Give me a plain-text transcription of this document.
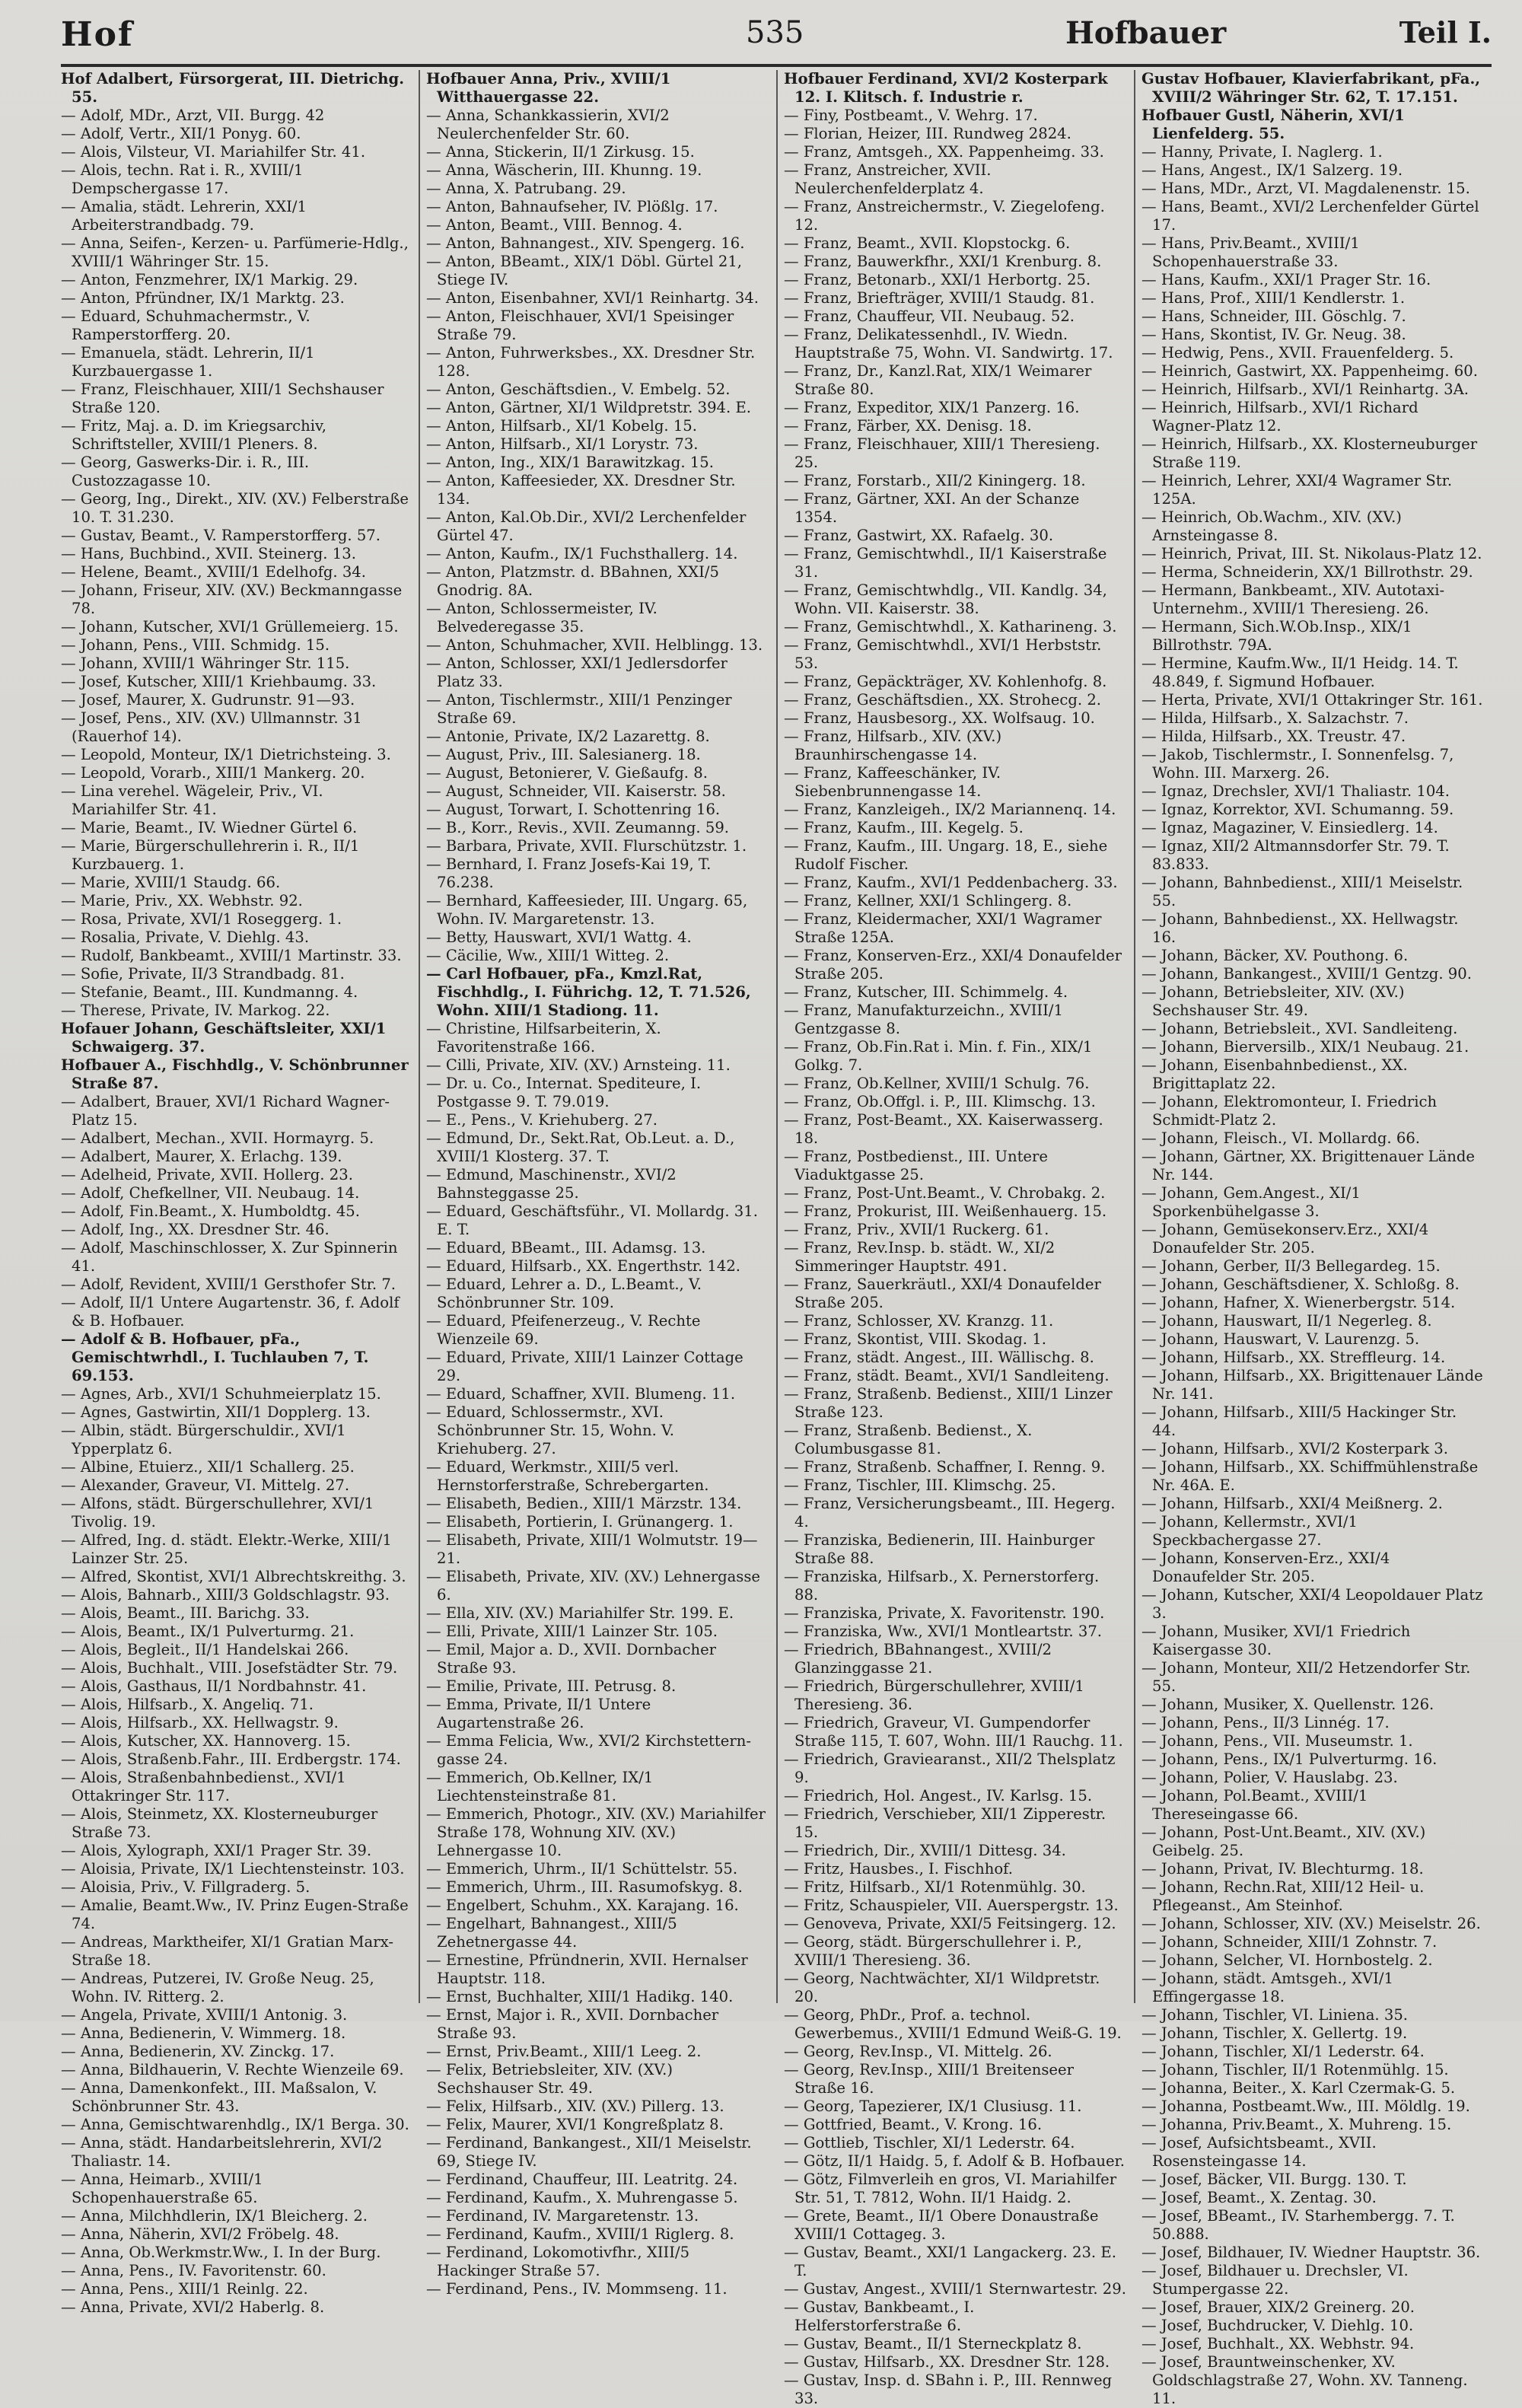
Hof	535	Hofbauer	Teil I.

Hof Adalbert, Fürsorgerat, III. Dietrichg. 55.

— Adolf, MDr., Arzt, VII. Burgg. 42

— Adolf, Vertr., XII/1 Ponyg. 60.

— Alois, Vilsteur, VI. Mariahilfer Str. 41.

— Alois, techn. Rat i. R., XVIII/1 Dempschergasse 17.

— Amalia, städt. Lehrerin, XXI/1 Arbeiterstrandbadg. 79.

— Anna, Seifen-, Kerzen- u. Parfümerie-Hdlg., XVIII/1 Währinger Str. 15.

— Anton, Fenzmehrer, IX/1 Markig. 29.

— Anton, Pfründner, IX/1 Marktg. 23.

— Eduard, Schuhmachermstr., V. Ramperstorfferg. 20.

— Emanuela, städt. Lehrerin, II/1 Kurzbauergasse 1.

— Franz, Fleischhauer, XIII/1 Sechshauser Straße 120.

— Fritz, Maj. a. D. im Kriegsarchiv, Schriftsteller, XVIII/1 Pleners. 8.

— Georg, Gaswerks-Dir. i. R., III. Custozzagasse 10.

— Georg, Ing., Direkt., XIV. (XV.) Felberstraße 10. T. 31.230.

— Gustav, Beamt., V. Ramperstorfferg. 57.

— Hans, Buchbind., XVII. Steinerg. 13.

— Helene, Beamt., XVIII/1 Edelhofg. 34.

— Johann, Friseur, XIV. (XV.) Beckmanngasse 78.

— Johann, Kutscher, XVI/1 Grüllemeierg. 15.

— Johann, Pens., VIII. Schmidg. 15.

— Johann, XVIII/1 Währinger Str. 115.

— Josef, Kutscher, XIII/1 Kriehbaumg. 33.

— Josef, Maurer, X. Gudrunstr. 91—93.

— Josef, Pens., XIV. (XV.) Ullmannstr. 31 (Rauerhof 14).

— Leopold, Monteur, IX/1 Dietrichsteing. 3.

— Leopold, Vorarb., XIII/1 Mankerg. 20.

— Lina verehel. Wägeleir, Priv., VI. Mariahilfer Str. 41.

— Marie, Beamt., IV. Wiedner Gürtel 6.

— Marie, Bürgerschullehrerin i. R., II/1 Kurzbauerg. 1.

— Marie, XVIII/1 Staudg. 66.

— Marie, Priv., XX. Webhstr. 92.

— Rosa, Private, XVI/1 Roseggerg. 1.

— Rosalia, Private, V. Diehlg. 43.

— Rudolf, Bankbeamt., XVIII/1 Martinstr. 33.

— Sofie, Private, II/3 Strandbadg. 81.

— Stefanie, Beamt., III. Kundmanng. 4.

— Therese, Private, IV. Markog. 22.

Hofauer Johann, Geschäftsleiter, XXI/1 Schwaigerg. 37.

Hofbauer A., Fischhdlg., V. Schönbrunner Straße 87.

— Adalbert, Brauer, XVI/1 Richard Wagner-Platz 15.

— Adalbert, Mechan., XVII. Hormayrg. 5.

— Adalbert, Maurer, X. Erlachg. 139.

— Adelheid, Private, XVII. Hollerg. 23.

— Adolf, Chefkellner, VII. Neubaug. 14.

— Adolf, Fin.Beamt., X. Humboldtg. 45.

— Adolf, Ing., XX. Dresdner Str. 46.

— Adolf, Maschinschlosser, X. Zur Spinnerin 41.

— Adolf, Revident, XVIII/1 Gersthofer Str. 7.

— Adolf, II/1 Untere Augartenstr. 36, f. Adolf & B. Hofbauer.

— Adolf & B. Hofbauer, pFa., Gemischtwrhdl., I. Tuchlauben 7, T. 69.153.

— Agnes, Arb., XVI/1 Schuhmeierplatz 15.

— Agnes, Gastwirtin, XII/1 Dopplerg. 13.

— Albin, städt. Bürgerschuldir., XVI/1 Ypperplatz 6.

— Albine, Etuierz., XII/1 Schallerg. 25.

— Alexander, Graveur, VI. Mittelg. 27.

— Alfons, städt. Bürgerschullehrer, XVI/1 Tivolig. 19.

— Alfred, Ing. d. städt. Elektr.-Werke, XIII/1 Lainzer Str. 25.

— Alfred, Skontist, XVI/1 Albrechtskreithg. 3.

— Alois, Bahnarb., XIII/3 Goldschlagstr. 93.

— Alois, Beamt., III. Barichg. 33.

— Alois, Beamt., IX/1 Pulverturmg. 21.

— Alois, Begleit., II/1 Handelskai 266.

— Alois, Buchhalt., VIII. Josefstädter Str. 79.

— Alois, Gasthaus, II/1 Nordbahnstr. 41.

— Alois, Hilfsarb., X. Angeliq. 71.

— Alois, Hilfsarb., XX. Hellwagstr. 9.

— Alois, Kutscher, XX. Hannoverg. 15.

— Alois, Straßenb.Fahr., III. Erdbergstr. 174.

— Alois, Straßenbahnbedienst., XVI/1 Ottakringer Str. 117.

— Alois, Steinmetz, XX. Klosterneuburger Straße 73.

— Alois, Xylograph, XXI/1 Prager Str. 39.

— Aloisia, Private, IX/1 Liechtensteinstr. 103.

— Aloisia, Priv., V. Fillgraderg. 5.

— Amalie, Beamt.Ww., IV. Prinz Eugen-Straße 74.

— Andreas, Marktheifer, XI/1 Gratian Marx-Straße 18.

— Andreas, Putzerei, IV. Große Neug. 25, Wohn. IV. Ritterg. 2.

— Angela, Private, XVIII/1 Antonig. 3.

— Anna, Bedienerin, V. Wimmerg. 18.

— Anna, Bedienerin, XV. Zinckg. 17.

— Anna, Bildhauerin, V. Rechte Wienzeile 69.

— Anna, Damenkonfekt., III. Maßsalon, V. Schönbrunner Str. 43.

— Anna, Gemischtwarenhdlg., IX/1 Berga. 30.

— Anna, städt. Handarbeitslehrerin, XVI/2 Thaliastr. 14.

— Anna, Heimarb., XVIII/1 Schopenhauerstraße 65.

— Anna, Milchhdlerin, IX/1 Bleicherg. 2.

— Anna, Näherin, XVI/2 Fröbelg. 48.

— Anna, Ob.Werkmstr.Ww., I. In der Burg.

— Anna, Pens., IV. Favoritenstr. 60.

— Anna, Pens., XIII/1 Reinlg. 22.

— Anna, Private, XVI/2 Haberlg. 8.

Hofbauer Anna, Priv., XVIII/1 Witthauergasse 22.

— Anna, Schankkassierin, XVI/2 Neulerchenfelder Str. 60.

— Anna, Stickerin, II/1 Zirkusg. 15.

— Anna, Wäscherin, III. Khunng. 19.

— Anna, X. Patrubang. 29.

— Anton, Bahnaufseher, IV. Plößlg. 17.

— Anton, Beamt., VIII. Bennog. 4.

— Anton, Bahnangest., XIV. Spengerg. 16.

— Anton, BBeamt., XIX/1 Döbl. Gürtel 21, Stiege IV.

— Anton, Eisenbahner, XVI/1 Reinhartg. 34.

— Anton, Fleischhauer, XVI/1 Speisinger Straße 79.

— Anton, Fuhrwerksbes., XX. Dresdner Str. 128.

— Anton, Geschäftsdien., V. Embelg. 52.

— Anton, Gärtner, XI/1 Wildpretstr. 394. E.

— Anton, Hilfsarb., XI/1 Kobelg. 15.

— Anton, Hilfsarb., XI/1 Lorystr. 73.

— Anton, Ing., XIX/1 Barawitzkag. 15.

— Anton, Kaffeesieder, XX. Dresdner Str. 134.

— Anton, Kal.Ob.Dir., XVI/2 Lerchenfelder Gürtel 47.

— Anton, Kaufm., IX/1 Fuchsthallerg. 14.

— Anton, Platzmstr. d. BBahnen, XXI/5 Gnodrig. 8A.

— Anton, Schlossermeister, IV. Belvederegasse 35.

— Anton, Schuhmacher, XVII. Helblingg. 13.

— Anton, Schlosser, XXI/1 Jedlersdorfer Platz 33.

— Anton, Tischlermstr., XIII/1 Penzinger Straße 69.

— Antonie, Private, IX/2 Lazarettg. 8.

— August, Priv., III. Salesianerg. 18.

— August, Betonierer, V. Gießaufg. 8.

— August, Schneider, VII. Kaiserstr. 58.

— August, Torwart, I. Schottenring 16.

— B., Korr., Revis., XVII. Zeumanng. 59.

— Barbara, Private, XVII. Flurschützstr. 1.

— Bernhard, I. Franz Josefs-Kai 19, T. 76.238.

— Bernhard, Kaffeesieder, III. Ungarg. 65, Wohn. IV. Margaretenstr. 13.

— Betty, Hauswart, XVI/1 Wattg. 4.

— Cäcilie, Ww., XIII/1 Witteg. 2.

— Carl Hofbauer, pFa., Kmzl.Rat, Fischhdlg., I. Führichg. 12, T. 71.526, Wohn. XIII/1 Stadiong. 11.

— Christine, Hilfsarbeiterin, X. Favoritenstraße 166.

— Cilli, Private, XIV. (XV.) Arnsteing. 11.

— Dr. u. Co., Internat. Spediteure, I. Postgasse 9. T. 79.019.

— E., Pens., V. Kriehuberg. 27.

— Edmund, Dr., Sekt.Rat, Ob.Leut. a. D., XVIII/1 Klosterg. 37. T.

— Edmund, Maschinenstr., XVI/2 Bahnsteggasse 25.

— Eduard, Geschäftsführ., VI. Mollardg. 31. E. T.

— Eduard, BBeamt., III. Adamsg. 13.

— Eduard, Hilfsarb., XX. Engerthstr. 142.

— Eduard, Lehrer a. D., L.Beamt., V. Schönbrunner Str. 109.

— Eduard, Pfeifenerzeug., V. Rechte Wienzeile 69.

— Eduard, Private, XIII/1 Lainzer Cottage 29.

— Eduard, Schaffner, XVII. Blumeng. 11.

— Eduard, Schlossermstr., XVI. Schönbrunner Str. 15, Wohn. V. Kriehuberg. 27.

— Eduard, Werkmstr., XIII/5 verl. Hernstorferstraße, Schrebergarten.

— Elisabeth, Bedien., XIII/1 Märzstr. 134.

— Elisabeth, Portierin, I. Grünangerg. 1.

— Elisabeth, Private, XIII/1 Wolmutstr. 19—21.

— Elisabeth, Private, XIV. (XV.) Lehnergasse 6.

— Ella, XIV. (XV.) Mariahilfer Str. 199. E.

— Elli, Private, XIII/1 Lainzer Str. 105.

— Emil, Major a. D., XVII. Dornbacher Straße 93.

— Emilie, Private, III. Petrusg. 8.

— Emma, Private, II/1 Untere Augartenstraße 26.

— Emma Felicia, Ww., XVI/2 Kirchstettern-gasse 24.

— Emmerich, Ob.Kellner, IX/1 Liechtensteinstraße 81.

— Emmerich, Photogr., XIV. (XV.) Mariahilfer Straße 178, Wohnung XIV. (XV.) Lehnergasse 10.

— Emmerich, Uhrm., II/1 Schüttelstr. 55.

— Emmerich, Uhrm., III. Rasumofskyg. 8.

— Engelbert, Schuhm., XX. Karajang. 16.

— Engelhart, Bahnangest., XIII/5 Zehetnergasse 44.

— Ernestine, Pfründnerin, XVII. Hernalser Hauptstr. 118.

— Ernst, Buchhalter, XIII/1 Hadikg. 140.

— Ernst, Major i. R., XVII. Dornbacher Straße 93.

— Ernst, Priv.Beamt., XIII/1 Leeg. 2.

— Felix, Betriebsleiter, XIV. (XV.) Sechshauser Str. 49.

— Felix, Hilfsarb., XIV. (XV.) Pillerg. 13.

— Felix, Maurer, XVI/1 Kongreßplatz 8.

— Ferdinand, Bankangest., XII/1 Meiselstr. 69, Stiege IV.

— Ferdinand, Chauffeur, III. Leatritg. 24.

— Ferdinand, Kaufm., X. Muhrengasse 5.

— Ferdinand, IV. Margaretenstr. 13.

— Ferdinand, Kaufm., XVIII/1 Riglerg. 8.

— Ferdinand, Lokomotivfhr., XIII/5 Hackinger Straße 57.

— Ferdinand, Pens., IV. Mommseng. 11.

Hofbauer Ferdinand, XVI/2 Kosterpark 12. I. Klitsch. f. Industrie r.

— Finy, Postbeamt., V. Wehrg. 17.

— Florian, Heizer, III. Rundweg 2824.

— Franz, Amtsgeh., XX. Pappenheimg. 33.

— Franz, Anstreicher, XVII. Neulerchenfelderplatz 4.

— Franz, Anstreichermstr., V. Ziegelofeng. 12.

— Franz, Beamt., XVII. Klopstockg. 6.

— Franz, Bauwerkfhr., XXI/1 Krenburg. 8.

— Franz, Betonarb., XXI/1 Herbortg. 25.

— Franz, Briefträger, XVIII/1 Staudg. 81.

— Franz, Chauffeur, VII. Neubaug. 52.

— Franz, Delikatessenhdl., IV. Wiedn. Hauptstraße 75, Wohn. VI. Sandwirtg. 17.

— Franz, Dr., Kanzl.Rat, XIX/1 Weimarer Straße 80.

— Franz, Expeditor, XIX/1 Panzerg. 16.

— Franz, Färber, XX. Denisg. 18.

— Franz, Fleischhauer, XIII/1 Theresieng. 25.

— Franz, Forstarb., XII/2 Kiningerg. 18.

— Franz, Gärtner, XXI. An der Schanze 1354.

— Franz, Gastwirt, XX. Rafaelg. 30.

— Franz, Gemischtwhdl., II/1 Kaiserstraße 31.

— Franz, Gemischtwhdlg., VII. Kandlg. 34, Wohn. VII. Kaiserstr. 38.

— Franz, Gemischtwhdl., X. Katharineng. 3.

— Franz, Gemischtwhdl., XVI/1 Herbststr. 53.

— Franz, Gepäckträger, XV. Kohlenhofg. 8.

— Franz, Geschäftsdien., XX. Strohecg. 2.

— Franz, Hausbesorg., XX. Wolfsaug. 10.

— Franz, Hilfsarb., XIV. (XV.) Braunhirschengasse 14.

— Franz, Kaffeeschänker, IV. Siebenbrunnengasse 14.

— Franz, Kanzleigeh., IX/2 Mariannenq. 14.

— Franz, Kaufm., III. Kegelg. 5.

— Franz, Kaufm., III. Ungarg. 18, E., siehe Rudolf Fischer.

— Franz, Kaufm., XVI/1 Peddenbacherg. 33.

— Franz, Kellner, XXI/1 Schlingerg. 8.

— Franz, Kleidermacher, XXI/1 Wagramer Straße 125A.

— Franz, Konserven-Erz., XXI/4 Donaufelder Straße 205.

— Franz, Kutscher, III. Schimmelg. 4.

— Franz, Manufakturzeichn., XVIII/1 Gentzgasse 8.

— Franz, Ob.Fin.Rat i. Min. f. Fin., XIX/1 Golkg. 7.

— Franz, Ob.Kellner, XVIII/1 Schulg. 76.

— Franz, Ob.Offgl. i. P., III. Klimschg. 13.

— Franz, Post-Beamt., XX. Kaiserwasserg. 18.

— Franz, Postbedienst., III. Untere Viaduktgasse 25.

— Franz, Post-Unt.Beamt., V. Chrobakg. 2.

— Franz, Prokurist, III. Weißenhauerg. 15.

— Franz, Priv., XVII/1 Ruckerg. 61.

— Franz, Rev.Insp. b. städt. W., XI/2 Simmeringer Hauptstr. 491.

— Franz, Sauerkräutl., XXI/4 Donaufelder Straße 205.

— Franz, Schlosser, XV. Kranzg. 11.

— Franz, Skontist, VIII. Skodag. 1.

— Franz, städt. Angest., III. Wällischg. 8.

— Franz, städt. Beamt., XVI/1 Sandleiteng.

— Franz, Straßenb. Bedienst., XIII/1 Linzer Straße 123.

— Franz, Straßenb. Bedienst., X. Columbusgasse 81.

— Franz, Straßenb. Schaffner, I. Renng. 9.

— Franz, Tischler, III. Klimschg. 25.

— Franz, Versicherungsbeamt., III. Hegerg. 4.

— Franziska, Bedienerin, III. Hainburger Straße 88.

— Franziska, Hilfsarb., X. Pernerstorferg. 88.

— Franziska, Private, X. Favoritenstr. 190.

— Franziska, Ww., XVI/1 Montleartstr. 37.

— Friedrich, BBahnangest., XVIII/2 Glanzinggasse 21.

— Friedrich, Bürgerschullehrer, XVIII/1 Theresieng. 36.

— Friedrich, Graveur, VI. Gumpendorfer Straße 115, T. 607, Wohn. III/1 Rauchg. 11.

— Friedrich, Graviearanst., XII/2 Thelsplatz 9.

— Friedrich, Hol. Angest., IV. Karlsg. 15.

— Friedrich, Verschieber, XII/1 Zipperestr. 15.

— Friedrich, Dir., XVIII/1 Dittesg. 34.

— Fritz, Hausbes., I. Fischhof.

— Fritz, Hilfsarb., XI/1 Rotenmühlg. 30.

— Fritz, Schauspieler, VII. Auerspergstr. 13.

— Genoveva, Private, XXI/5 Feitsingerg. 12.

— Georg, städt. Bürgerschullehrer i. P., XVIII/1 Theresieng. 36.

— Georg, Nachtwächter, XI/1 Wildpretstr. 20.

— Georg, PhDr., Prof. a. technol. Gewerbemus., XVIII/1 Edmund Weiß-G. 19.

— Georg, Rev.Insp., VI. Mittelg. 26.

— Georg, Rev.Insp., XIII/1 Breitenseer Straße 16.

— Georg, Tapezierer, IX/1 Clusiusg. 11.

— Gottfried, Beamt., V. Krong. 16.

— Gottlieb, Tischler, XI/1 Lederstr. 64.

— Götz, II/1 Haidg. 5, f. Adolf & B. Hofbauer.

— Götz, Filmverleih en gros, VI. Mariahilfer Str. 51, T. 7812, Wohn. II/1 Haidg. 2.

— Grete, Beamt., II/1 Obere Donaustraße XVIII/1 Cottageg. 3.

— Gustav, Beamt., XXI/1 Langackerg. 23. E. T.

— Gustav, Angest., XVIII/1 Sternwartestr. 29.

— Gustav, Bankbeamt., I. Helferstorferstraße 6.

— Gustav, Beamt., II/1 Sterneckplatz 8.

— Gustav, Hilfsarb., XX. Dresdner Str. 128.

— Gustav, Insp. d. SBahn i. P., III. Rennweg 33.

Gustav Hofbauer, Klavierfabrikant, pFa., XVIII/2 Währinger Str. 62, T. 17.151.

Hofbauer Gustl, Näherin, XVI/1 Lienfelderg. 55.

— Hanny, Private, I. Naglerg. 1.

— Hans, Angest., IX/1 Salzerg. 19.

— Hans, MDr., Arzt, VI. Magdalenenstr. 15.

— Hans, Beamt., XVI/2 Lerchenfelder Gürtel 17.

— Hans, Priv.Beamt., XVIII/1 Schopenhauerstraße 33.

— Hans, Kaufm., XXI/1 Prager Str. 16.

— Hans, Prof., XIII/1 Kendlerstr. 1.

— Hans, Schneider, III. Göschlg. 7.

— Hans, Skontist, IV. Gr. Neug. 38.

— Hedwig, Pens., XVII. Frauenfelderg. 5.

— Heinrich, Gastwirt, XX. Pappenheimg. 60.

— Heinrich, Hilfsarb., XVI/1 Reinhartg. 3A.

— Heinrich, Hilfsarb., XVI/1 Richard Wagner-Platz 12.

— Heinrich, Hilfsarb., XX. Klosterneuburger Straße 119.

— Heinrich, Lehrer, XXI/4 Wagramer Str. 125A.

— Heinrich, Ob.Wachm., XIV. (XV.) Arnsteingasse 8.

— Heinrich, Privat, III. St. Nikolaus-Platz 12.

— Herma, Schneiderin, XX/1 Billrothstr. 29.

— Hermann, Bankbeamt., XIV. Autotaxi-Unternehm., XVIII/1 Theresieng. 26.

— Hermann, Sich.W.Ob.Insp., XIX/1 Billrothstr. 79A.

— Hermine, Kaufm.Ww., II/1 Heidg. 14. T. 48.849, f. Sigmund Hofbauer.

— Herta, Private, XVI/1 Ottakringer Str. 161.

— Hilda, Hilfsarb., X. Salzachstr. 7.

— Hilda, Hilfsarb., XX. Treustr. 47.

— Jakob, Tischlermstr., I. Sonnenfelsg. 7, Wohn. III. Marxerg. 26.

— Ignaz, Drechsler, XVI/1 Thaliastr. 104.

— Ignaz, Korrektor, XVI. Schumanng. 59.

— Ignaz, Magaziner, V. Einsiedlerg. 14.

— Ignaz, XII/2 Altmannsdorfer Str. 79. T. 83.833.

— Johann, Bahnbedienst., XIII/1 Meiselstr. 55.

— Johann, Bahnbedienst., XX. Hellwagstr. 16.

— Johann, Bäcker, XV. Pouthong. 6.

— Johann, Bankangest., XVIII/1 Gentzg. 90.

— Johann, Betriebsleiter, XIV. (XV.) Sechshauser Str. 49.

— Johann, Betriebsleit., XVI. Sandleiteng.

— Johann, Bierversilb., XIX/1 Neubaug. 21.

— Johann, Eisenbahnbedienst., XX. Brigittaplatz 22.

— Johann, Elektromonteur, I. Friedrich Schmidt-Platz 2.

— Johann, Fleisch., VI. Mollardg. 66.

— Johann, Gärtner, XX. Brigittenauer Lände Nr. 144.

— Johann, Gem.Angest., XI/1 Sporkenbühelgasse 3.

— Johann, Gemüsekonserv.Erz., XXI/4 Donaufelder Str. 205.

— Johann, Gerber, II/3 Bellegardeg. 15.

— Johann, Geschäftsdiener, X. Schloßg. 8.

— Johann, Hafner, X. Wienerbergstr. 514.

— Johann, Hauswart, II/1 Negerleg. 8.

— Johann, Hauswart, V. Laurenzg. 5.

— Johann, Hilfsarb., XX. Streffleurg. 14.

— Johann, Hilfsarb., XX. Brigittenauer Lände Nr. 141.

— Johann, Hilfsarb., XIII/5 Hackinger Str. 44.

— Johann, Hilfsarb., XVI/2 Kosterpark 3.

— Johann, Hilfsarb., XX. Schiffmühlenstraße Nr. 46A. E.

— Johann, Hilfsarb., XXI/4 Meißnerg. 2.

— Johann, Kellermstr., XVI/1 Speckbachergasse 27.

— Johann, Konserven-Erz., XXI/4 Donaufelder Str. 205.

— Johann, Kutscher, XXI/4 Leopoldauer Platz 3.

— Johann, Musiker, XVI/1 Friedrich Kaisergasse 30.

— Johann, Monteur, XII/2 Hetzendorfer Str. 55.

— Johann, Musiker, X. Quellenstr. 126.

— Johann, Pens., II/3 Linnég. 17.

— Johann, Pens., VII. Museumstr. 1.

— Johann, Pens., IX/1 Pulverturmg. 16.

— Johann, Polier, V. Hauslabg. 23.

— Johann, Pol.Beamt., XVIII/1 Thereseingasse 66.

— Johann, Post-Unt.Beamt., XIV. (XV.) Geibelg. 25.

— Johann, Privat, IV. Blechturmg. 18.

— Johann, Rechn.Rat, XIII/12 Heil- u. Pflegeanst., Am Steinhof.

— Johann, Schlosser, XIV. (XV.) Meiselstr. 26.

— Johann, Schneider, XIII/1 Zohnstr. 7.

— Johann, Selcher, VI. Hornbostelg. 2.

— Johann, städt. Amtsgeh., XVI/1 Effingergasse 18.

— Johann, Tischler, VI. Liniena. 35.

— Johann, Tischler, X. Gellertg. 19.

— Johann, Tischler, XI/1 Lederstr. 64.

— Johann, Tischler, II/1 Rotenmühlg. 15.

— Johanna, Beiter., X. Karl Czermak-G. 5.

— Johanna, Postbeamt.Ww., III. Möldlg. 19.

— Johanna, Priv.Beamt., X. Muhreng. 15.

— Josef, Aufsichtsbeamt., XVII. Rosensteingasse 14.

— Josef, Bäcker, VII. Burgg. 130. T.

— Josef, Beamt., X. Zentag. 30.

— Josef, BBeamt., IV. Starhembergg. 7. T. 50.888.

— Josef, Bildhauer, IV. Wiedner Hauptstr. 36.

— Josef, Bildhauer u. Drechsler, VI. Stumpergasse 22.

— Josef, Brauer, XIX/2 Greinerg. 20.

— Josef, Buchdrucker, V. Diehlg. 10.

— Josef, Buchhalt., XX. Webhstr. 94.

— Josef, Brauntweinschenker, XV. Goldschlagstraße 27, Wohn. XV. Tanneng. 11.
